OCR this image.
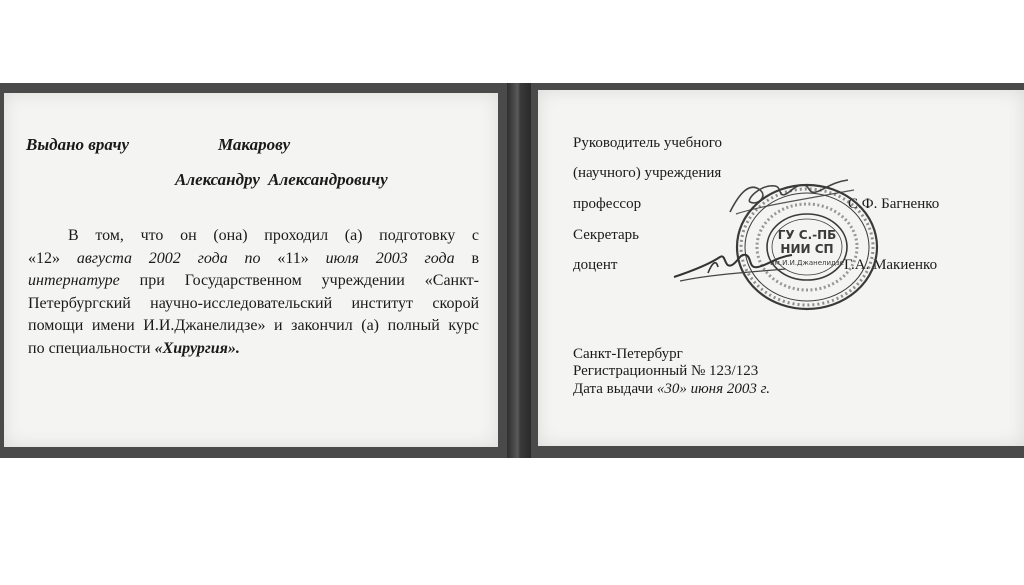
Выдано врачу	Макарову
Александру Александровичу
В том, что он (она) проходил (а) подготовку с
«12» августа 2002 года по «11» июля 2003 года в
интернатуре при Государственном учреждении «Санкт-
Петербургский научно-исследовательский институт скорой
помощи имени И.И.Джанелидзе» и закончил (а) полный курс
по специальности «Хирургия».
Руководитель учебного
(научного) учреждения
профессор	С.Ф. Багненко
Секретарь
доцент	Г.А. Макиенко
Санкт-Петербург
Регистрационный № 123/123
Дата выдачи «30» июня 2003 г.
ГУ С.-ПБ
НИИ СП
им.И.И.Джанелидзе
